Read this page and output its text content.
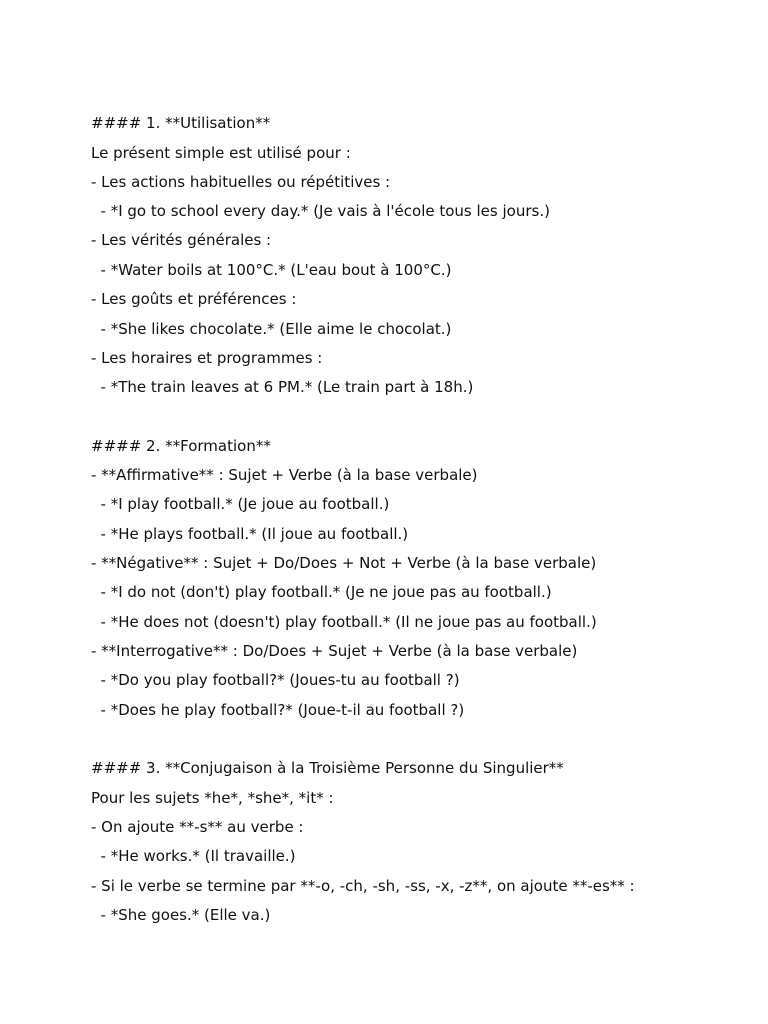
#### 1. **Utilisation**
Le présent simple est utilisé pour :
- Les actions habituelles ou répétitives :
- *I go to school every day.* (Je vais à l'école tous les jours.)
- Les vérités générales :
- *Water boils at 100°C.* (L'eau bout à 100°C.)
- Les goûts et préférences :
- *She likes chocolate.* (Elle aime le chocolat.)
- Les horaires et programmes :
- *The train leaves at 6 PM.* (Le train part à 18h.)
#### 2. **Formation**
- **Affirmative** : Sujet + Verbe (à la base verbale)
- *I play football.* (Je joue au football.)
- *He plays football.* (Il joue au football.)
- **Négative** : Sujet + Do/Does + Not + Verbe (à la base verbale)
- *I do not (don't) play football.* (Je ne joue pas au football.)
- *He does not (doesn't) play football.* (Il ne joue pas au football.)
- **Interrogative** : Do/Does + Sujet + Verbe (à la base verbale)
- *Do you play football?* (Joues-tu au football ?)
- *Does he play football?* (Joue-t-il au football ?)
#### 3. **Conjugaison à la Troisième Personne du Singulier**
Pour les sujets *he*, *she*, *it* :
- On ajoute **-s** au verbe :
- *He works.* (Il travaille.)
- Si le verbe se termine par **-o, -ch, -sh, -ss, -x, -z**, on ajoute **-es** :
- *She goes.* (Elle va.)
